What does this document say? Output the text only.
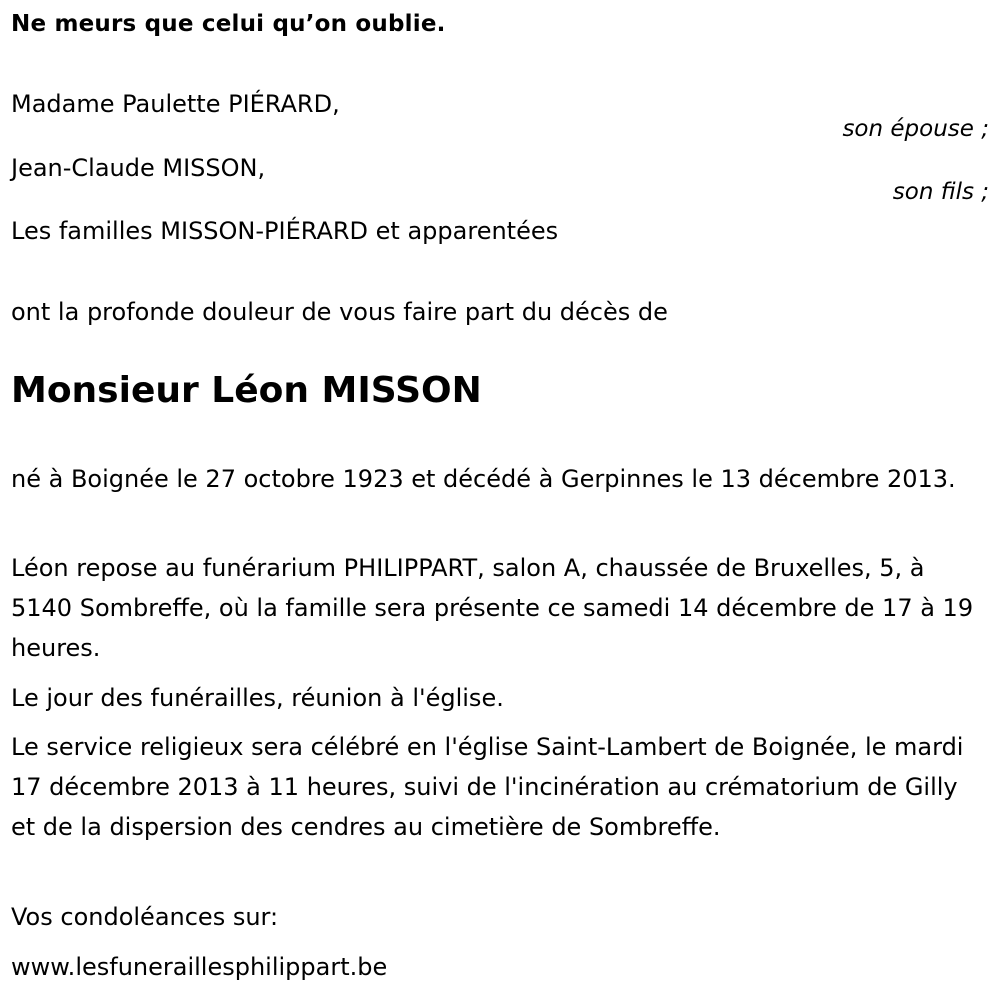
Ne meurs que celui qu’on oublie.
Madame Paulette PIÉRARD,
son épouse ;
Jean-Claude MISSON,
son fils ;
Les familles MISSON-PIÉRARD et apparentées
ont la profonde douleur de vous faire part du décès de
Monsieur Léon MISSON
né à Boignée le 27 octobre 1923 et décédé à Gerpinnes le 13 décembre 2013.
Léon repose au funérarium PHILIPPART, salon A, chaussée de Bruxelles, 5, à 5140 Sombreffe, où la famille sera présente ce samedi 14 décembre de 17 à 19 heures.
Le jour des funérailles, réunion à l'église.
Le service religieux sera célébré en l'église Saint-Lambert de Boignée, le mardi 17 décembre 2013 à 11 heures, suivi de l'incinération au crématorium de Gilly et de la dispersion des cendres au cimetière de Sombreffe.
Vos condoléances sur:
www.lesfuneraillesphilippart.be
